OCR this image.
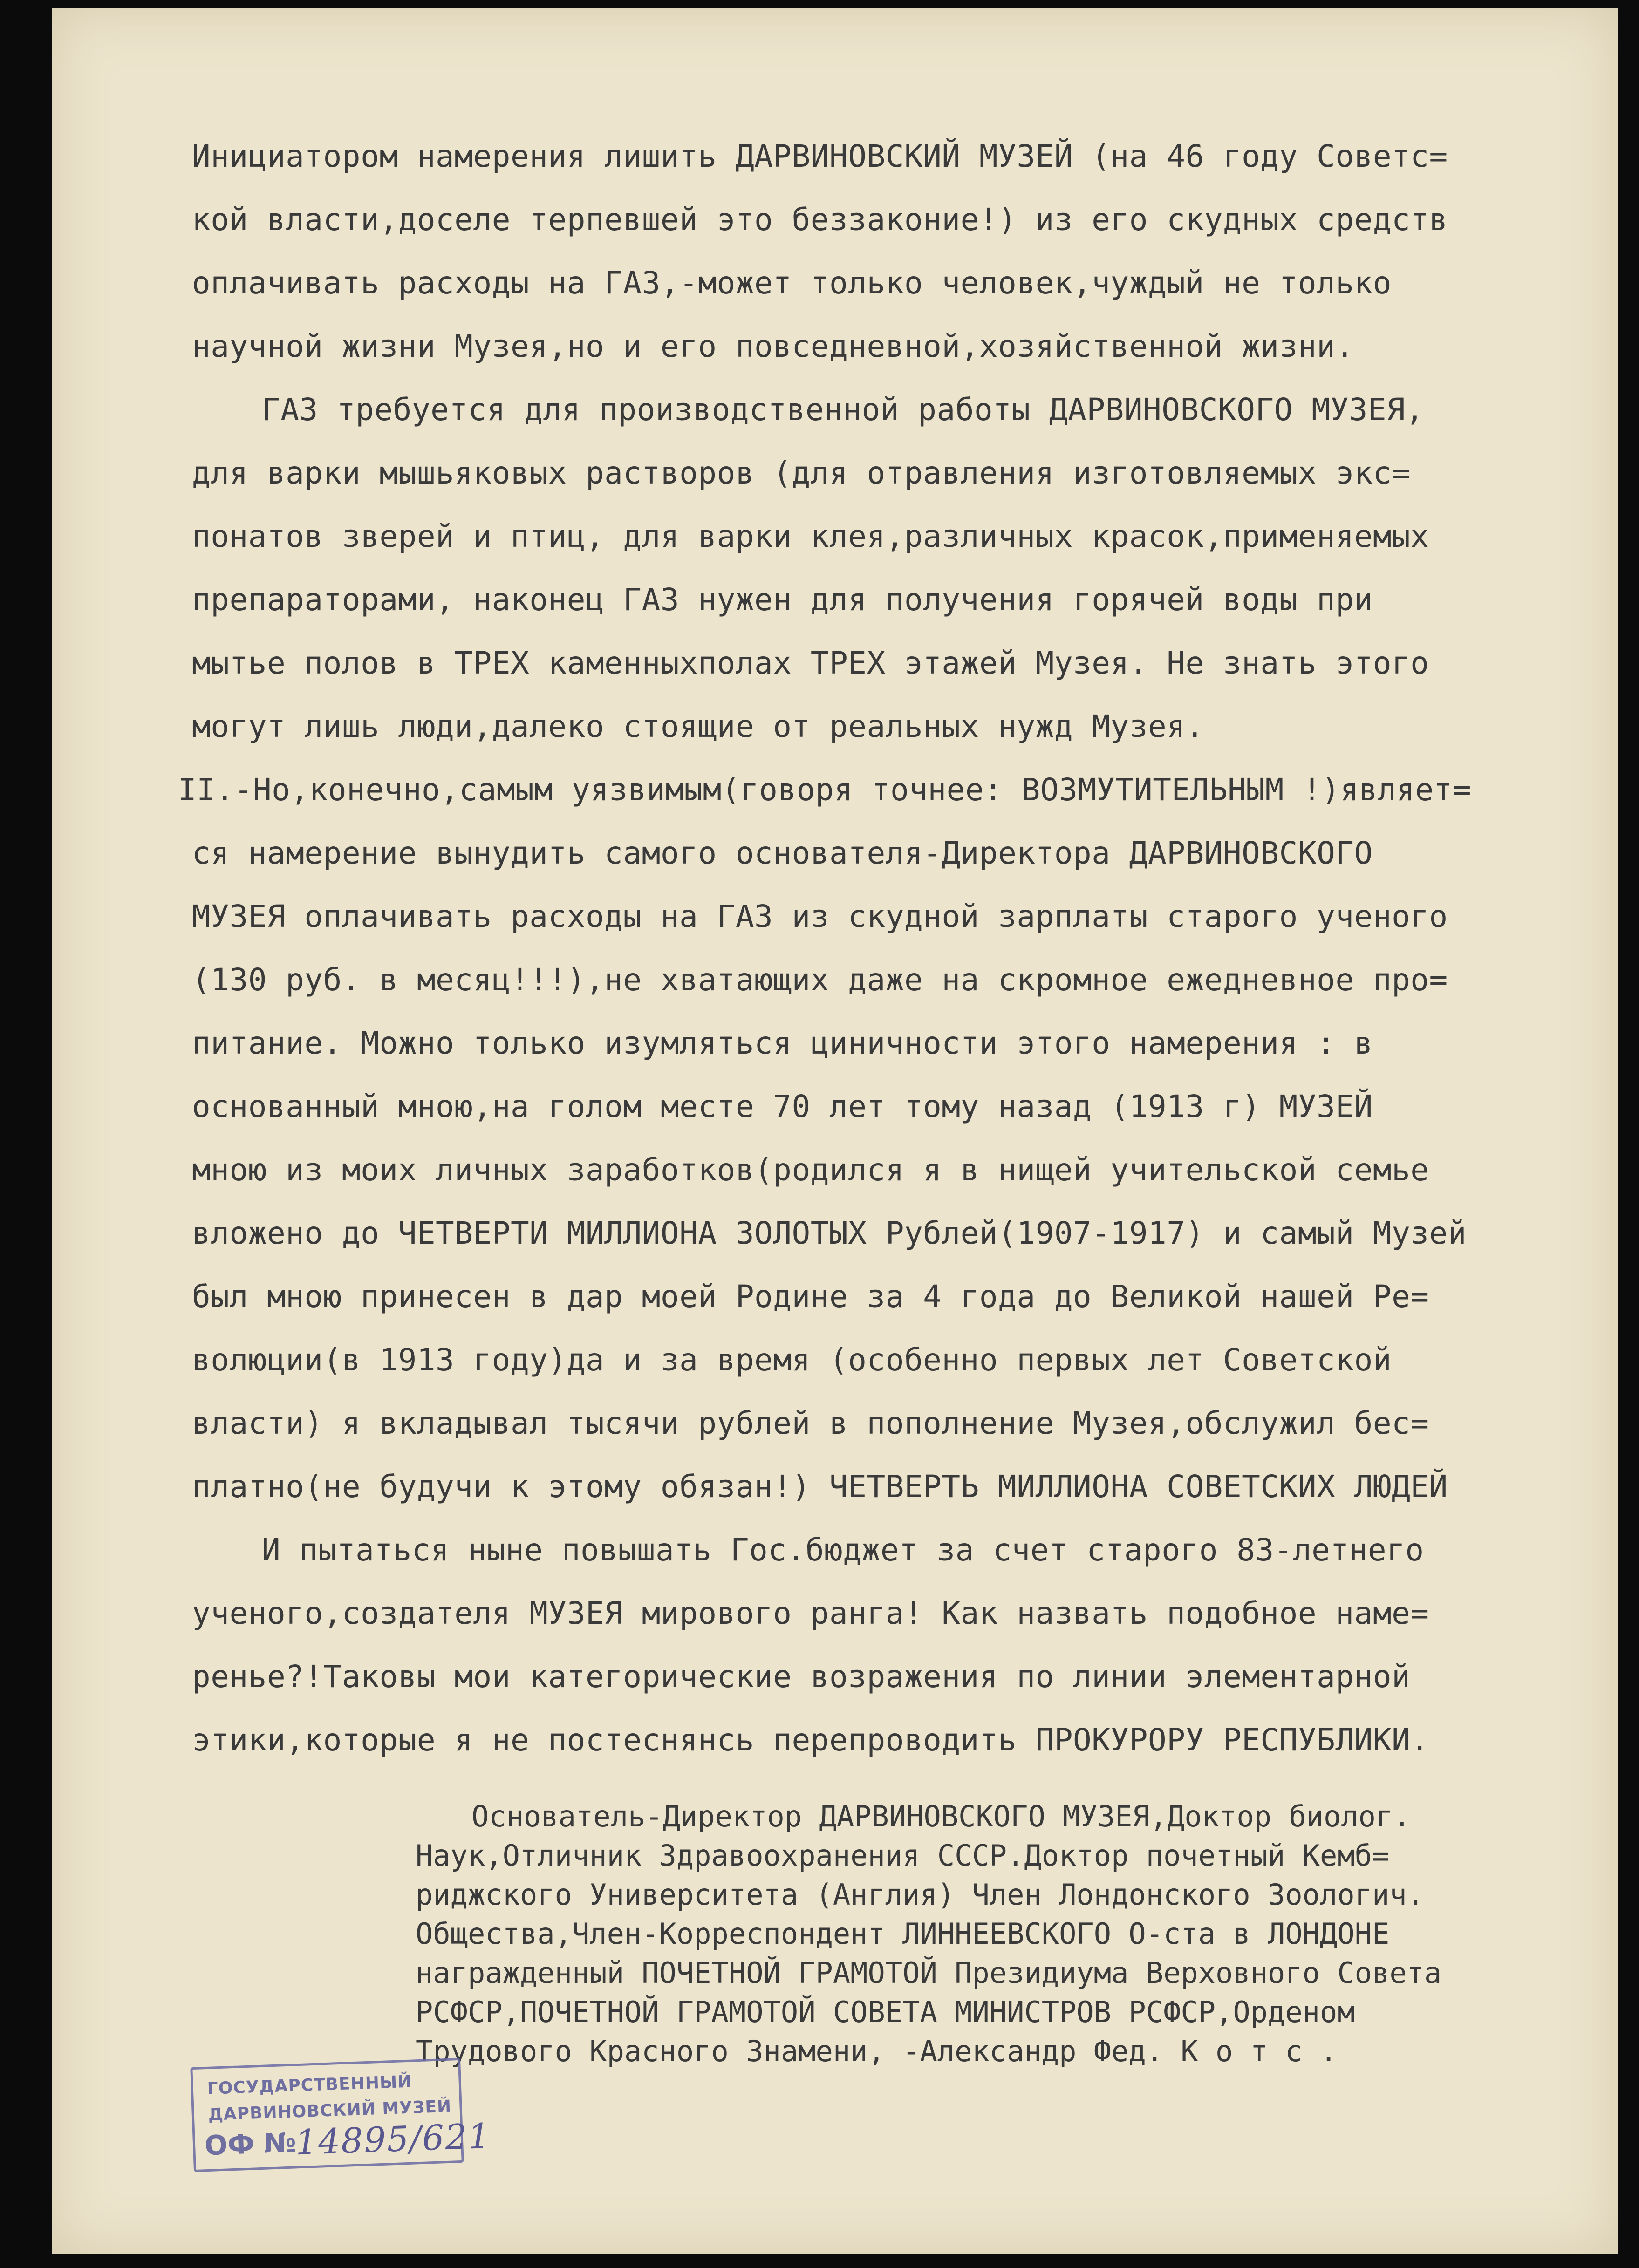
Инициатором намерения лишить ДАРВИНОВСКИЙ МУЗЕЙ (на 46 году Советс=
кой власти,доселе терпевшей это беззаконие!) из его скудных средств
оплачивать расходы на ГАЗ,-может только человек,чуждый не только
научной жизни Музея,но и его повседневной,хозяйственной жизни.
ГАЗ требуется для производственной работы ДАРВИНОВСКОГО МУЗЕЯ,
для варки мышьяковых растворов (для отравления изготовляемых экс=
понатов зверей и птиц, для варки клея,различных красок,применяемых
препараторами, наконец ГАЗ нужен для получения горячей воды при
мытье полов в ТРЕХ каменныхполах ТРЕХ этажей Музея. Не знать этого
могут лишь люди,далеко стоящие от реальных нужд Музея.
II.-Но,конечно,самым уязвимым(говоря точнее: ВОЗМУТИТЕЛЬНЫМ !)являет=
ся намерение вынудить самого основателя-Директора ДАРВИНОВСКОГО
МУЗЕЯ оплачивать расходы на ГАЗ из скудной зарплаты старого ученого
(130 руб. в месяц!!!),не хватающих даже на скромное ежедневное про=
питание. Можно только изумляться циничности этого намерения : в
основанный мною,на голом месте 70 лет тому назад (1913 г) МУЗЕЙ
мною из моих личных заработков(родился я в нищей учительской семье
вложено до ЧЕТВЕРТИ МИЛЛИОНА ЗОЛОТЫХ Рублей(1907-1917) и самый Музей
был мною принесен в дар моей Родине за 4 года до Великой нашей Ре=
волюции(в 1913 году)да и за время (особенно первых лет Советской
власти) я вкладывал тысячи рублей в пополнение Музея,обслужил бес=
платно(не будучи к этому обязан!) ЧЕТВЕРТЬ МИЛЛИОНА СОВЕТСКИХ ЛЮДЕЙ
И пытаться ныне повышать Гос.бюджет за счет старого 83-летнего
ученого,создателя МУЗЕЯ мирового ранга! Как назвать подобное наме=
ренье?!Таковы мои категорические возражения по линии элементарной
этики,которые я не постеснянсь перепроводить ПРОКУРОРУ РЕСПУБЛИКИ.
Основатель-Директор ДАРВИНОВСКОГО МУЗЕЯ,Доктор биолог.
Наук,Отличник Здравоохранения СССР.Доктор почетный Кемб=
риджского Университета (Англия) Член Лондонского Зоологич.
Общества,Член-Корреспондент ЛИННЕЕВСКОГО О-ста в ЛОНДОНЕ
награжденный ПОЧЕТНОЙ ГРАМОТОЙ Президиума Верховного Совета
РСФСР,ПОЧЕТНОЙ ГРАМОТОЙ СОВЕТА МИНИСТРОВ РСФСР,Орденом
Трудового Красного Знамени, -Александр Фед. К о т с .
ГОСУДАРСТВЕННЫЙ
ДАРВИНОВСКИЙ МУЗЕЙ
ОФ №
14895/621
